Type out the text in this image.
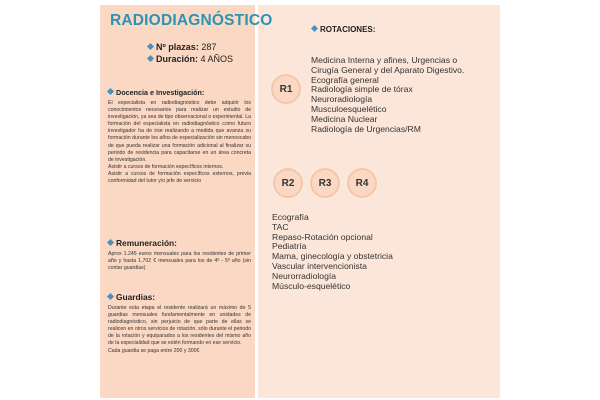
RADIODIAGNÓSTICO
Nº plazas: 287
Duración: 4 AÑOS
Docencia e Investigación:

El especialista en radiodiagnóstico debe adquirir los conocimientos necesarios para realizar un estudio de investigación, ya sea de tipo observacional o experimental. La formación del especialista en radiodiagnóstico como futuro investigador ha de irse realizando a medida que avanza su formación durante los años de especialización sin menoscabo de que pueda realizar una formación adicional al finalizar su periodo de residencia para capacitarse en un área concreta de investigación.

Asistir a cursos de formación específicos internos.

Asistir a cursos de formación específicos externos, previa conformidad del tutor y/o jefe de servicio

Remuneración:

Aprox 1.245 euros mensuales para los residentes de primer año y hasta 1.702 € mensuales para los de 4º - 5º año (sin contar guardias)

Guardias:

Durante esta etapa el residente realizará un máximo de 5 guardias mensuales fundamentalmente en unidades de radiodiagnóstico, sin perjuicio de que parte de ellas se realicen en otros servicios de rotación, sólo durante el periodo de la rotación y equiparados a los residentes del mismo año de la especialidad que se estén formando en ese servicio.

Cada guardia se paga entre 200 y 300€

ROTACIONES:
R1
Medicina Interna y afines, Urgencias o
Cirugía General y del Aparato Digestivo.
Ecografía general
Radiología simple de tórax
Neuroradiología
Musculoesquelético
Medicina Nuclear
Radiología de Urgencias/RM
R2	R3	R4
Ecografía
TAC
Repaso-Rotación opcional
Pediatría
Mama, ginecología y obstetricia
Vascular intervencionista
Neurorradiología
Músculo-esquelético
